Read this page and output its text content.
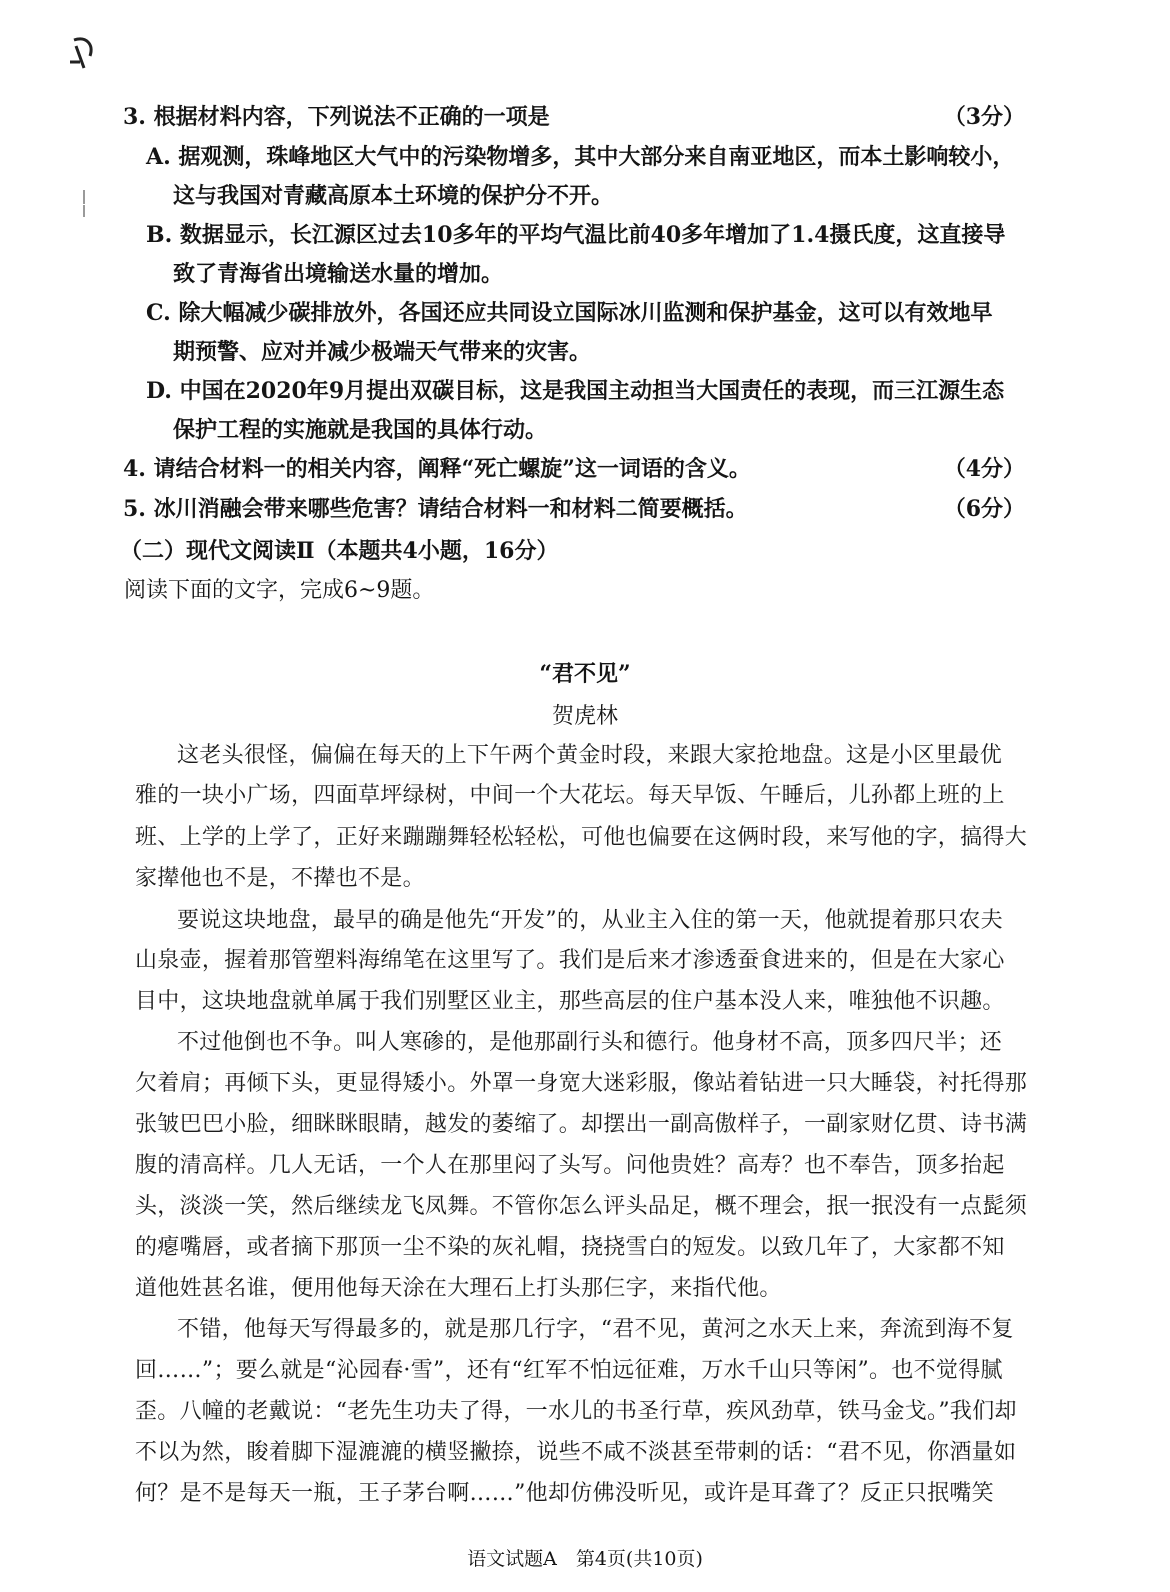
3. 根据材料内容，下列说法不正确的一项是	（3分）

A. 据观测，珠峰地区大气中的污染物增多，其中大部分来自南亚地区，而本土影响较小，

这与我国对青藏高原本土环境的保护分不开。

B. 数据显示，长江源区过去10多年的平均气温比前40多年增加了1.4摄氏度，这直接导

致了青海省出境输送水量的增加。

C. 除大幅减少碳排放外，各国还应共同设立国际冰川监测和保护基金，这可以有效地早

期预警、应对并减少极端天气带来的灾害。

D. 中国在2020年9月提出双碳目标，这是我国主动担当大国责任的表现，而三江源生态

保护工程的实施就是我国的具体行动。

4. 请结合材料一的相关内容，阐释“死亡螺旋”这一词语的含义。	（4分）

5. 冰川消融会带来哪些危害？请结合材料一和材料二简要概括。	（6分）

（二）现代文阅读Ⅱ（本题共4小题，16分）

阅读下面的文字，完成6~9题。

“君不见”

贺虎林

这老头很怪，偏偏在每天的上下午两个黄金时段，来跟大家抢地盘。这是小区里最优

雅的一块小广场，四面草坪绿树，中间一个大花坛。每天早饭、午睡后，儿孙都上班的上

班、上学的上学了，正好来蹦蹦舞轻松轻松，可他也偏要在这俩时段，来写他的字，搞得大

家撵他也不是，不撵也不是。

要说这块地盘，最早的确是他先“开发”的，从业主入住的第一天，他就提着那只农夫

山泉壶，握着那管塑料海绵笔在这里写了。我们是后来才渗透蚕食进来的，但是在大家心

目中，这块地盘就单属于我们别墅区业主，那些高层的住户基本没人来，唯独他不识趣。

不过他倒也不争。叫人寒碜的，是他那副行头和德行。他身材不高，顶多四尺半；还

欠着肩；再倾下头，更显得矮小。外罩一身宽大迷彩服，像站着钻进一只大睡袋，衬托得那

张皱巴巴小脸，细眯眯眼睛，越发的萎缩了。却摆出一副高傲样子，一副家财亿贯、诗书满

腹的清高样。几人无话，一个人在那里闷了头写。问他贵姓？高寿？也不奉告，顶多抬起

头，淡淡一笑，然后继续龙飞凤舞。不管你怎么评头品足，概不理会，抿一抿没有一点髭须

的瘪嘴唇，或者摘下那顶一尘不染的灰礼帽，挠挠雪白的短发。以致几年了，大家都不知

道他姓甚名谁，便用他每天涂在大理石上打头那仨字，来指代他。

不错，他每天写得最多的，就是那几行字，“君不见，黄河之水天上来，奔流到海不复

回……”；要么就是“沁园春·雪”，还有“红军不怕远征难，万水千山只等闲”。也不觉得腻

歪。八幢的老戴说：“老先生功夫了得，一水儿的书圣行草，疾风劲草，铁马金戈。”我们却

不以为然，睃着脚下湿漉漉的横竖撇捺，说些不咸不淡甚至带刺的话：“君不见，你酒量如

何？是不是每天一瓶，王子茅台啊……”他却仿佛没听见，或许是耳聋了？反正只抿嘴笑

语文试题A　第4页(共10页)
